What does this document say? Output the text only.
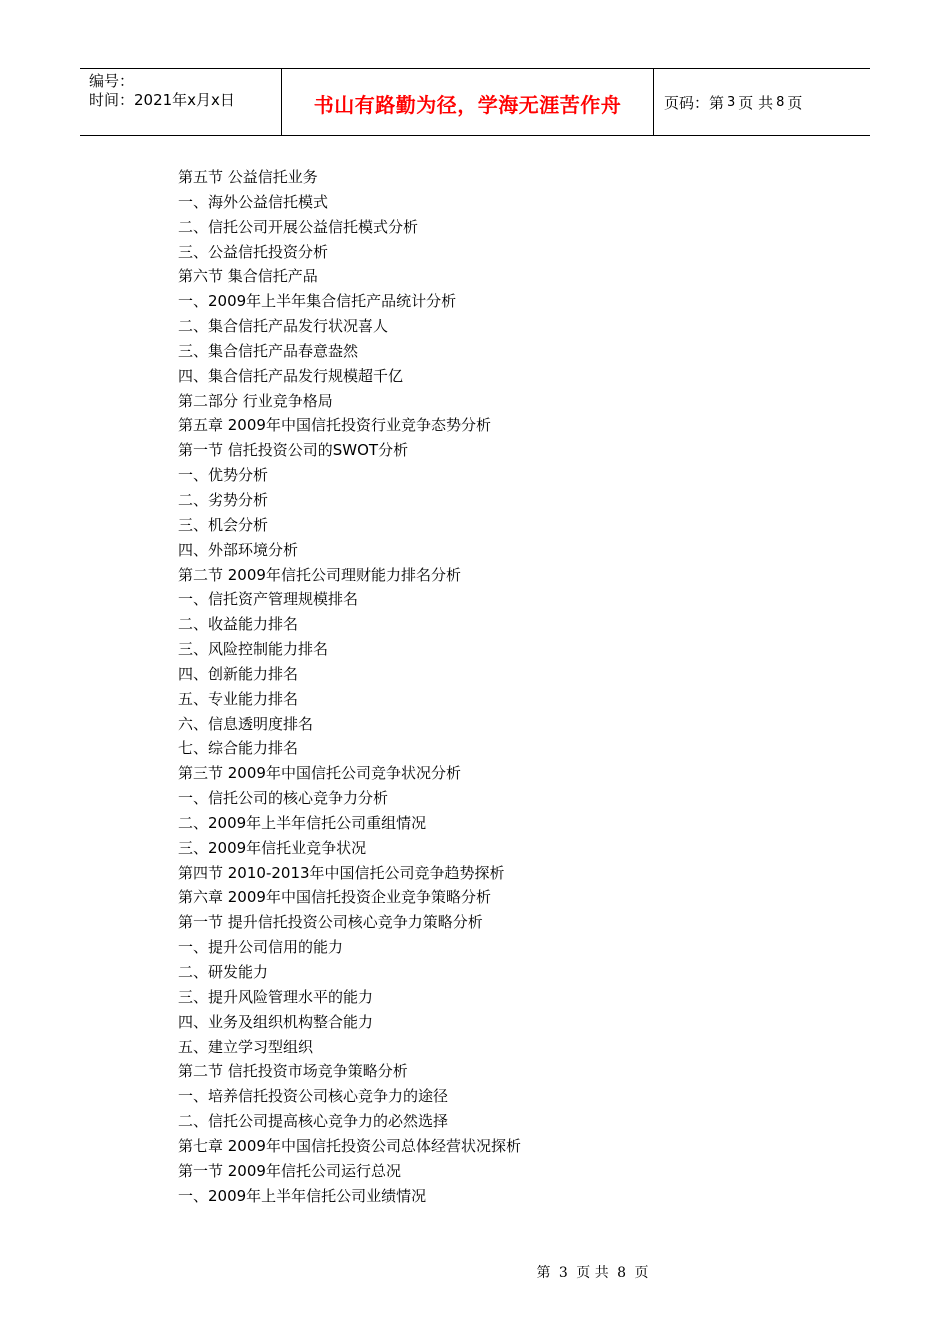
编号：
时间：2021年x月x日	书山有路勤为径，学海无涯苦作舟	页码：第 3 页 共 8 页
第五节 公益信托业务
一、海外公益信托模式
二、信托公司开展公益信托模式分析
三、公益信托投资分析
第六节 集合信托产品
一、2009年上半年集合信托产品统计分析
二、集合信托产品发行状况喜人
三、集合信托产品春意盎然
四、集合信托产品发行规模超千亿
第二部分 行业竞争格局
第五章 2009年中国信托投资行业竞争态势分析
第一节 信托投资公司的SWOT分析
一、优势分析
二、劣势分析
三、机会分析
四、外部环境分析
第二节 2009年信托公司理财能力排名分析
一、信托资产管理规模排名
二、收益能力排名
三、风险控制能力排名
四、创新能力排名
五、专业能力排名
六、信息透明度排名
七、综合能力排名
第三节 2009年中国信托公司竞争状况分析
一、信托公司的核心竞争力分析
二、2009年上半年信托公司重组情况
三、2009年信托业竞争状况
第四节 2010-2013年中国信托公司竞争趋势探析
第六章 2009年中国信托投资企业竞争策略分析
第一节 提升信托投资公司核心竞争力策略分析
一、提升公司信用的能力
二、研发能力
三、提升风险管理水平的能力
四、业务及组织机构整合能力
五、建立学习型组织
第二节 信托投资市场竞争策略分析
一、培养信托投资公司核心竞争力的途径
二、信托公司提高核心竞争力的必然选择
第七章 2009年中国信托投资公司总体经营状况探析
第一节 2009年信托公司运行总况
一、2009年上半年信托公司业绩情况
第 3 页 共 8 页
